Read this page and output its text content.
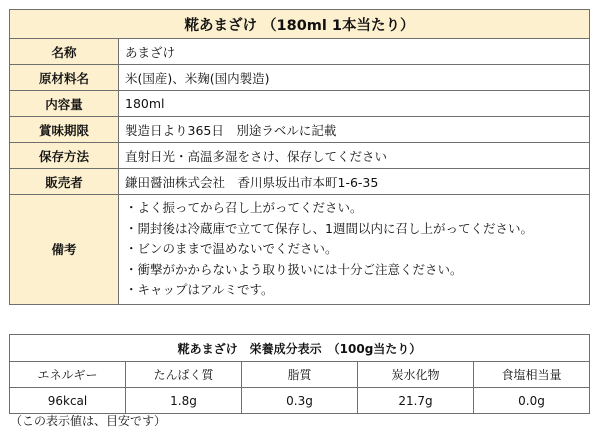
糀あまざけ （180ml 1本当たり）	
名称	あまざけ
原材料名	米(国産)、米麹(国内製造)
内容量	180ml
賞味期限	製造日より365日　別途ラベルに記載
保存方法	直射日光・高温多湿をさけ、保存してください
販売者	鎌田醤油株式会社　香川県坂出市本町1-6-35
備考	・よく振ってから召し上がってください。
・開封後は冷蔵庫で立てて保存し、1週間以内に召し上がってください。
・ビンのままで温めないでください。
・衝撃がかからないよう取り扱いには十分ご注意ください。
・キャップはアルミです。
糀あまざけ　栄養成分表示　（100g当たり）				
エネルギー	たんぱく質	脂質	炭水化物	食塩相当量
96kcal	1.8g	0.3g	21.7g	0.0g
（この表示値は、目安です）
